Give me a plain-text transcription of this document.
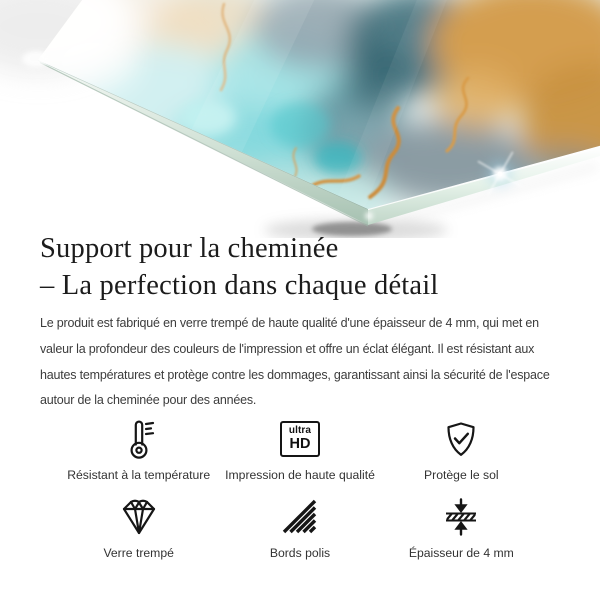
Support pour la cheminée
– La perfection dans chaque détail

Le produit est fabriqué en verre trempé de haute qualité d'une épaisseur de 4 mm, qui met en
valeur la profondeur des couleurs de l'impression et offre un éclat élégant. Il est résistant aux
hautes températures et protège contre les dommages, garantissant ainsi la sécurité de l'espace
autour de la cheminée pour des années.

Résistant à la température
ultra
HD
Impression de haute qualité	Protège le sol
Verre trempé	Bords polis	Épaisseur de 4 mm
